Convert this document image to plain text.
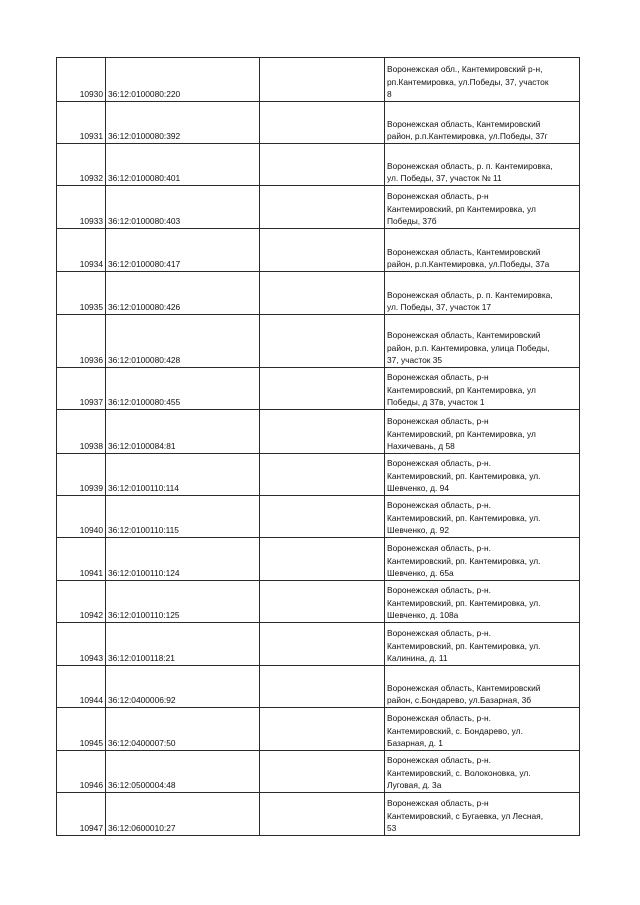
10930	36:12:0100080:220		Воронежская обл., Кантемировский р-н,
рп.Кантемировка, ул.Победы, 37, участок
8

10931	36:12:0100080:392		Воронежская область, Кантемировский
район, р.п.Кантемировка, ул.Победы, 37г

10932	36:12:0100080:401		Воронежская область, р. п. Кантемировка,
ул. Победы, 37, участок № 11

10933	36:12:0100080:403		Воронежская область, р-н
Кантемировский, рп Кантемировка, ул
Победы, 37б

10934	36:12:0100080:417		Воронежская область, Кантемировский
район, р.п.Кантемировка, ул.Победы, 37а

10935	36:12:0100080:426		Воронежская область, р. п. Кантемировка,
ул. Победы, 37, участок 17

10936	36:12:0100080:428		Воронежская область, Кантемировский
район, р.п. Кантемировка, улица Победы,
37, участок 35

10937	36:12:0100080:455		Воронежская область, р-н
Кантемировский, рп Кантемировка, ул
Победы, д 37в, участок 1

10938	36:12:0100084:81		Воронежская область, р-н
Кантемировский, рп Кантемировка, ул
Нахичевань, д 58

10939	36:12:0100110:114		Воронежская область, р-н.
Кантемировский, рп. Кантемировка, ул.
Шевченко, д. 94

10940	36:12:0100110:115		Воронежская область, р-н.
Кантемировский, рп. Кантемировка, ул.
Шевченко, д. 92

10941	36:12:0100110:124		Воронежская область, р-н.
Кантемировский, рп. Кантемировка, ул.
Шевченко, д. 65а

10942	36:12:0100110:125		Воронежская область, р-н.
Кантемировский, рп. Кантемировка, ул.
Шевченко, д. 108а

10943	36:12:0100118:21		Воронежская область, р-н.
Кантемировский, рп. Кантемировка, ул.
Калинина, д. 11

10944	36:12:0400006:92		Воронежская область, Кантемировский
район, с.Бондарево, ул.Базарная, 3б

10945	36:12:0400007:50		Воронежская область, р-н.
Кантемировский, с. Бондарево, ул.
Базарная, д. 1

10946	36:12:0500004:48		Воронежская область, р-н.
Кантемировский, с. Волоконовка, ул.
Луговая, д. 3а

10947	36:12:0600010:27		Воронежская область, р-н
Кантемировский, с Бугаевка, ул Лесная,
53
